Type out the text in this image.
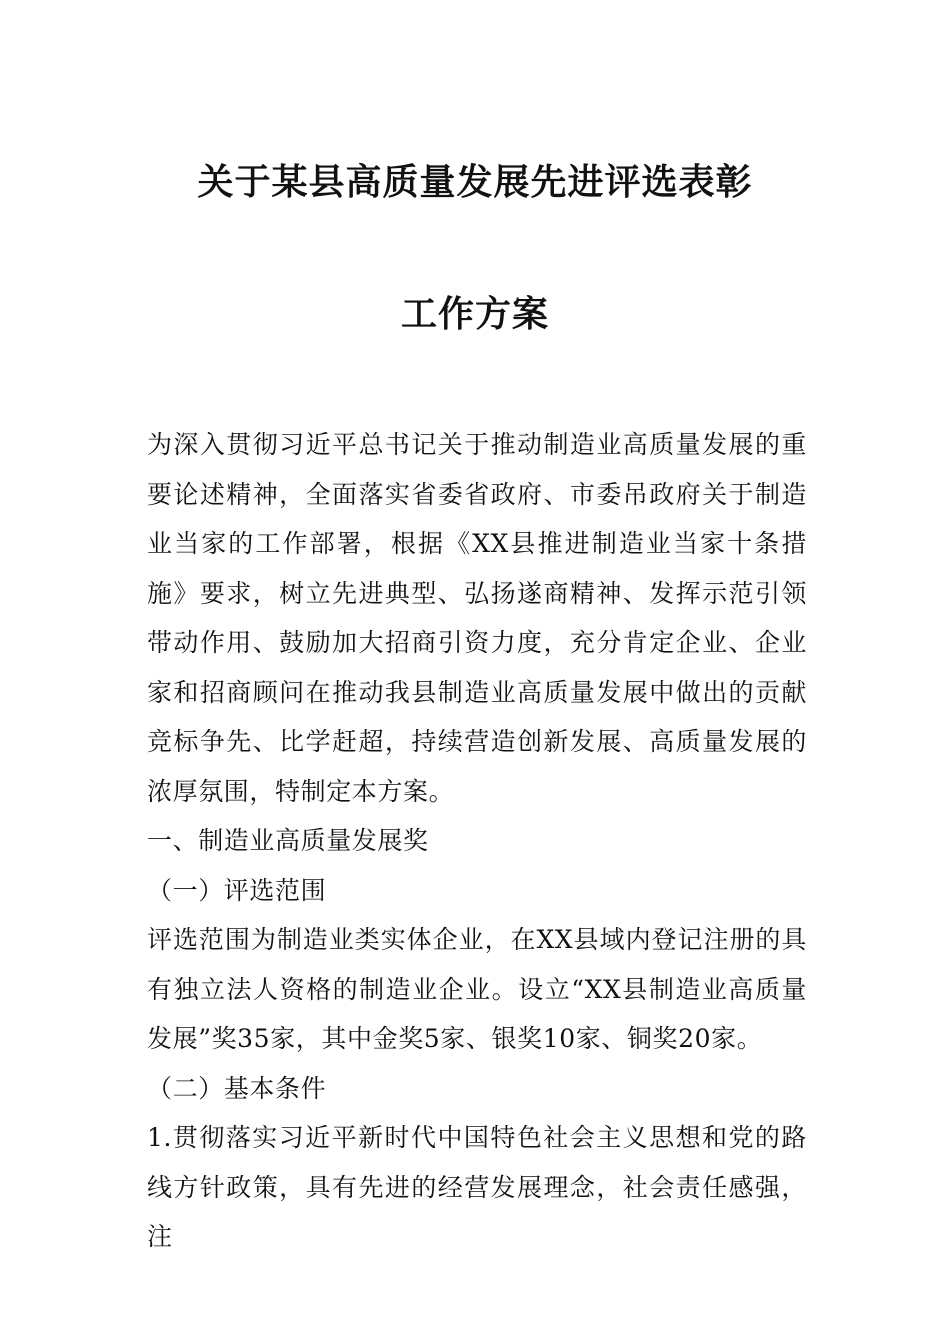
关于某县高质量发展先进评选表彰
工作方案

为深入贯彻习近平总书记关于推动制造业高质量发展的重要论述精神，全面落实省委省政府、市委吊政府关于制造业当家的工作部署，根据《XX县推进制造业当家十条措施》要求，树立先进典型、弘扬遂商精神、发挥示范引领带动作用、鼓励加大招商引资力度，充分肯定企业、企业家和招商顾问在推动我县制造业高质量发展中做出的贡献竞标争先、比学赶超，持续营造创新发展、高质量发展的浓厚氛围，特制定本方案。

一、制造业高质量发展奖

（一）评选范围

评选范围为制造业类实体企业，在XX县域内登记注册的具有独立法人资格的制造业企业。设立“XX县制造业高质量发展”奖35家，其中金奖5家、银奖10家、铜奖20家。

（二）基本条件

1.贯彻落实习近平新时代中国特色社会主义思想和党的路线方针政策，具有先进的经营发展理念，社会责任感强，注
